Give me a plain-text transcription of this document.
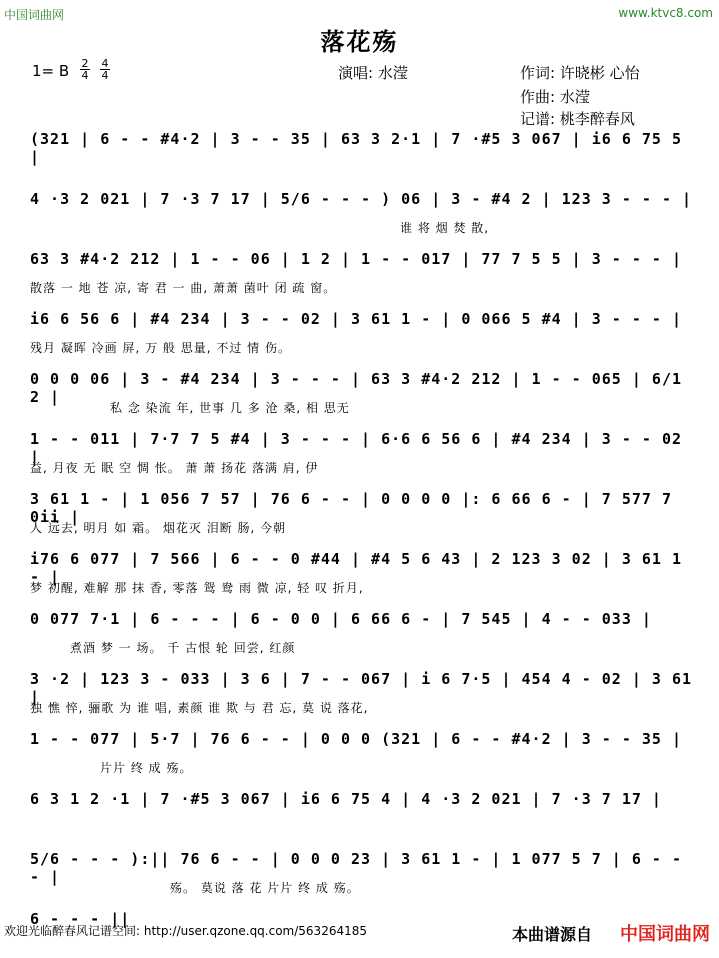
中国词曲网	www.ktvc8.com
落花殇
1= B $\frac{2}{4} \frac{4}{4}$	演唱: 水滢	作词: 许晓彬 心怡
作曲: 水滢
记谱: 桃李醉春风
(321 | 6 - - #4·2 | 3 - - 35 | 63 3 2·1 | 7 ·#5 3 067 | i6 6 75 5 |
4 ·3 2 021 | 7 ·3 7 17 | 5/6 - - - ) 06 | 3 - #4 2 | 123 3 - - - |
谁 将 烟 焚 散,
63 3 #4·2 212 | 1 - - 06 | 1 2 | 1 - - 017 | 77 7 5 5 | 3 - - - |
散落 一 地 苍 凉, 寄 君 一 曲, 萧萧 菌叶 闭 疏 窗。
i6 6 56 6 | #4 234 | 3 - - 02 | 3 61 1 - | 0 066 5 #4 | 3 - - - |
残月 凝晖 冷画 屏, 万 般 思量, 不过 情 伤。
0 0 0 06 | 3 - #4 234 | 3 - - - | 63 3 #4·2 212 | 1 - - 065 | 6/1 2 |
私 念 染流 年, 世事 几 多 沧 桑, 相 思无
1 - - 011 | 7·7 7 5 #4 | 3 - - - | 6·6 6 56 6 | #4 234 | 3 - - 02 |
益, 月夜 无 眠 空 惆 怅。 萧 萧 扬花 落满 肩, 伊
3 61 1 - | 1 056 7 57 | 76 6 - - | 0 0 0 0 |: 6 66 6 - | 7 577 7 0ii |
人 远去, 明月 如 霜。 烟花灭 泪断 肠, 今朝
i76 6 077 | 7 566 | 6 - - 0 #44 | #4 5 6 43 | 2 123 3 02 | 3 61 1 - |
梦 初醒, 难解 那 抹 香, 零落 鸳 鸯 雨 微 凉, 轻 叹 折月,
0 077 7·1 | 6 - - - | 6 - 0 0 | 6 66 6 - | 7 545 | 4 - - 033 |
煮酒 梦 一 场。 千 古恨 轮 回尝, 红颜
3 ·2 | 123 3 - 033 | 3 6 | 7 - - 067 | i 6 7·5 | 454 4 - 02 | 3 61 |
独 憔 悴, 骊歌 为 谁 唱, 素颜 谁 欺 与 君 忘, 莫 说 落花,
1 - - 077 | 5·7 | 76 6 - - | 0 0 0 (321 | 6 - - #4·2 | 3 - - 35 |
片片 终 成 殇。
6 3 1 2 ·1 | 7 ·#5 3 067 | i6 6 75 4 | 4 ·3 2 021 | 7 ·3 7 17 |
5/6 - - - ):|| 76 6 - - | 0 0 0 23 | 3 61 1 - | 1 077 5 7 | 6 - - - |
殇。 莫说 落 花 片片 终 成 殇。
6 - - - ||
欢迎光临醉春风记谱空间: http://user.qzone.qq.com/563264185	本曲谱源自 中国词曲网
